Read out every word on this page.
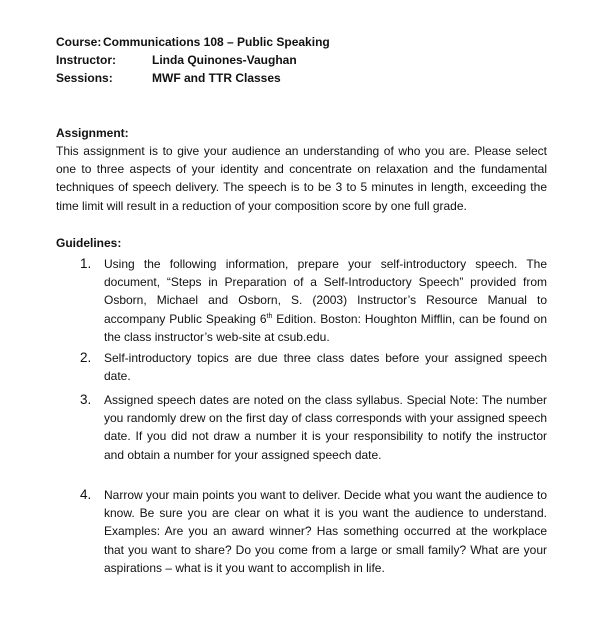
Course: Communications 108 – Public Speaking
Instructor:	Linda Quinones-Vaughan
Sessions:	MWF and TTR Classes
Assignment:
This assignment is to give your audience an understanding of who you are. Please select one to three aspects of your identity and concentrate on relaxation and the fundamental techniques of speech delivery. The speech is to be 3 to 5 minutes in length, exceeding the time limit will result in a reduction of your composition score by one full grade.
Guidelines:
1. Using the following information, prepare your self-introductory speech. The document, “Steps in Preparation of a Self-Introductory Speech” provided from Osborn, Michael and Osborn, S. (2003) Instructor’s Resource Manual to accompany Public Speaking 6th Edition. Boston: Houghton Mifflin, can be found on the class instructor’s web-site at csub.edu.
2. Self-introductory topics are due three class dates before your assigned speech date.
3. Assigned speech dates are noted on the class syllabus. Special Note: The number you randomly drew on the first day of class corresponds with your assigned speech date. If you did not draw a number it is your responsibility to notify the instructor and obtain a number for your assigned speech date.
4. Narrow your main points you want to deliver. Decide what you want the audience to know. Be sure you are clear on what it is you want the audience to understand. Examples: Are you an award winner? Has something occurred at the workplace that you want to share? Do you come from a large or small family? What are your aspirations – what is it you want to accomplish in life.
